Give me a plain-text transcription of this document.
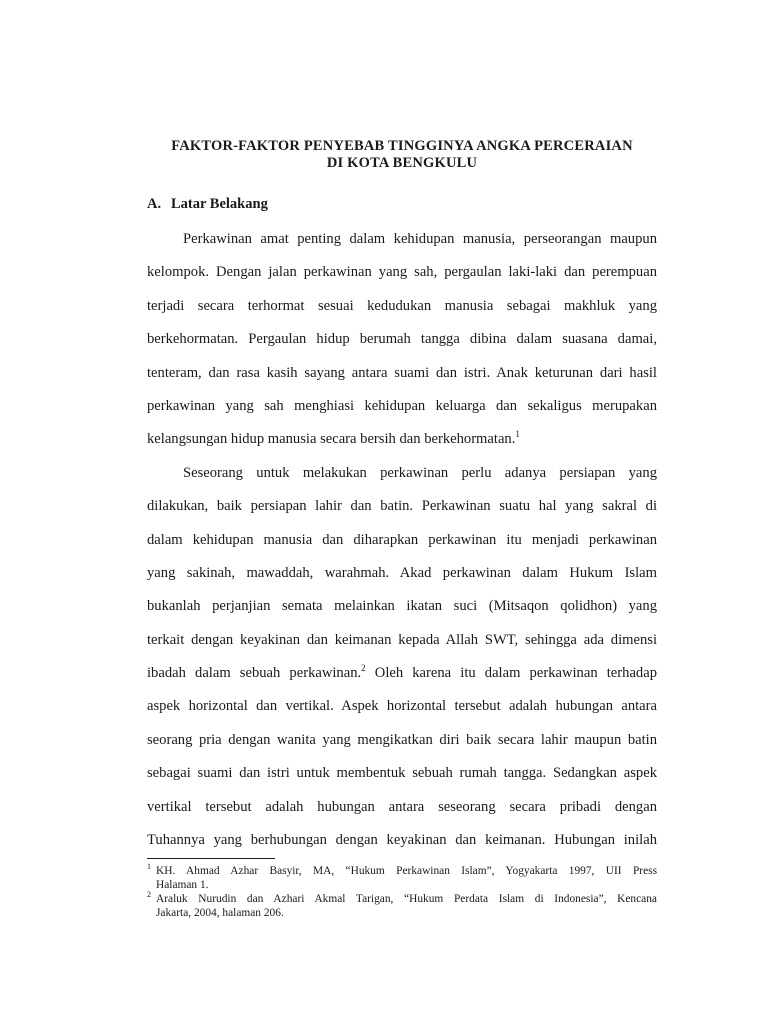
FAKTOR-FAKTOR PENYEBAB TINGGINYA ANGKA PERCERAIAN
DI KOTA BENGKULU
A. Latar Belakang
Perkawinan amat penting dalam kehidupan manusia, perseorangan maupun
kelompok. Dengan jalan perkawinan yang sah, pergaulan laki-laki dan perempuan
terjadi secara terhormat sesuai kedudukan manusia sebagai makhluk yang
berkehormatan. Pergaulan hidup berumah tangga dibina dalam suasana damai,
tenteram, dan rasa kasih sayang antara suami dan istri. Anak keturunan dari hasil
perkawinan yang sah menghiasi kehidupan keluarga dan sekaligus merupakan
kelangsungan hidup manusia secara bersih dan berkehormatan.$^1$
Seseorang untuk melakukan perkawinan perlu adanya persiapan yang
dilakukan, baik persiapan lahir dan batin. Perkawinan suatu hal yang sakral di
dalam kehidupan manusia dan diharapkan perkawinan itu menjadi perkawinan
yang sakinah, mawaddah, warahmah. Akad perkawinan dalam Hukum Islam
bukanlah perjanjian semata melainkan ikatan suci (Mitsaqon qolidhon) yang
terkait dengan keyakinan dan keimanan kepada Allah SWT, sehingga ada dimensi
ibadah dalam sebuah perkawinan.$^2$ Oleh karena itu dalam perkawinan terhadap
aspek horizontal dan vertikal. Aspek horizontal tersebut adalah hubungan antara
seorang pria dengan wanita yang mengikatkan diri baik secara lahir maupun batin
sebagai suami dan istri untuk membentuk sebuah rumah tangga. Sedangkan aspek
vertikal tersebut adalah hubungan antara seseorang secara pribadi dengan
Tuhannya yang berhubungan dengan keyakinan dan keimanan. Hubungan inilah
1 KH. Ahmad Azhar Basyir, MA, “Hukum Perkawinan Islam”, Yogyakarta 1997, UII Press
Halaman 1.
2 Araluk Nurudin dan Azhari Akmal Tarigan, “Hukum Perdata Islam di Indonesia”, Kencana
Jakarta, 2004, halaman 206.
